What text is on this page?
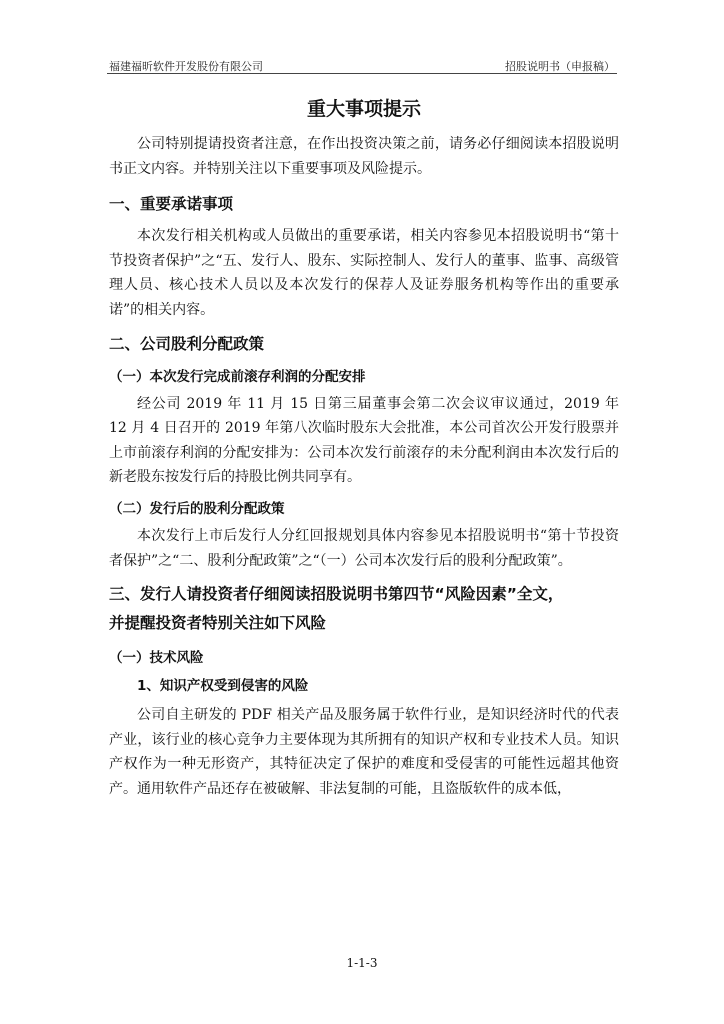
福建福昕软件开发股份有限公司	招股说明书（申报稿）
重大事项提示

公司特别提请投资者注意，在作出投资决策之前，请务必仔细阅读本招股说明书正文内容。并特别关注以下重要事项及风险提示。

一、重要承诺事项

本次发行相关机构或人员做出的重要承诺，相关内容参见本招股说明书“第十节投资者保护”之“五、发行人、股东、实际控制人、发行人的董事、监事、高级管理人员、核心技术人员以及本次发行的保荐人及证券服务机构等作出的重要承诺”的相关内容。

二、公司股利分配政策
（一）本次发行完成前滚存利润的分配安排

经公司 2019 年 11 月 15 日第三届董事会第二次会议审议通过，2019 年 12 月 4 日召开的 2019 年第八次临时股东大会批准，本公司首次公开发行股票并上市前滚存利润的分配安排为：公司本次发行前滚存的未分配利润由本次发行后的新老股东按发行后的持股比例共同享有。

（二）发行后的股利分配政策

本次发行上市后发行人分红回报规划具体内容参见本招股说明书“第十节投资者保护”之“二、股利分配政策”之“（一）公司本次发行后的股利分配政策”。

三、发行人请投资者仔细阅读招股说明书第四节“风险因素”全文，
并提醒投资者特别关注如下风险
（一）技术风险
1、知识产权受到侵害的风险

公司自主研发的 PDF 相关产品及服务属于软件行业，是知识经济时代的代表产业，该行业的核心竞争力主要体现为其所拥有的知识产权和专业技术人员。知识产权作为一种无形资产，其特征决定了保护的难度和受侵害的可能性远超其他资产。通用软件产品还存在被破解、非法复制的可能，且盗版软件的成本低，

1-1-3
